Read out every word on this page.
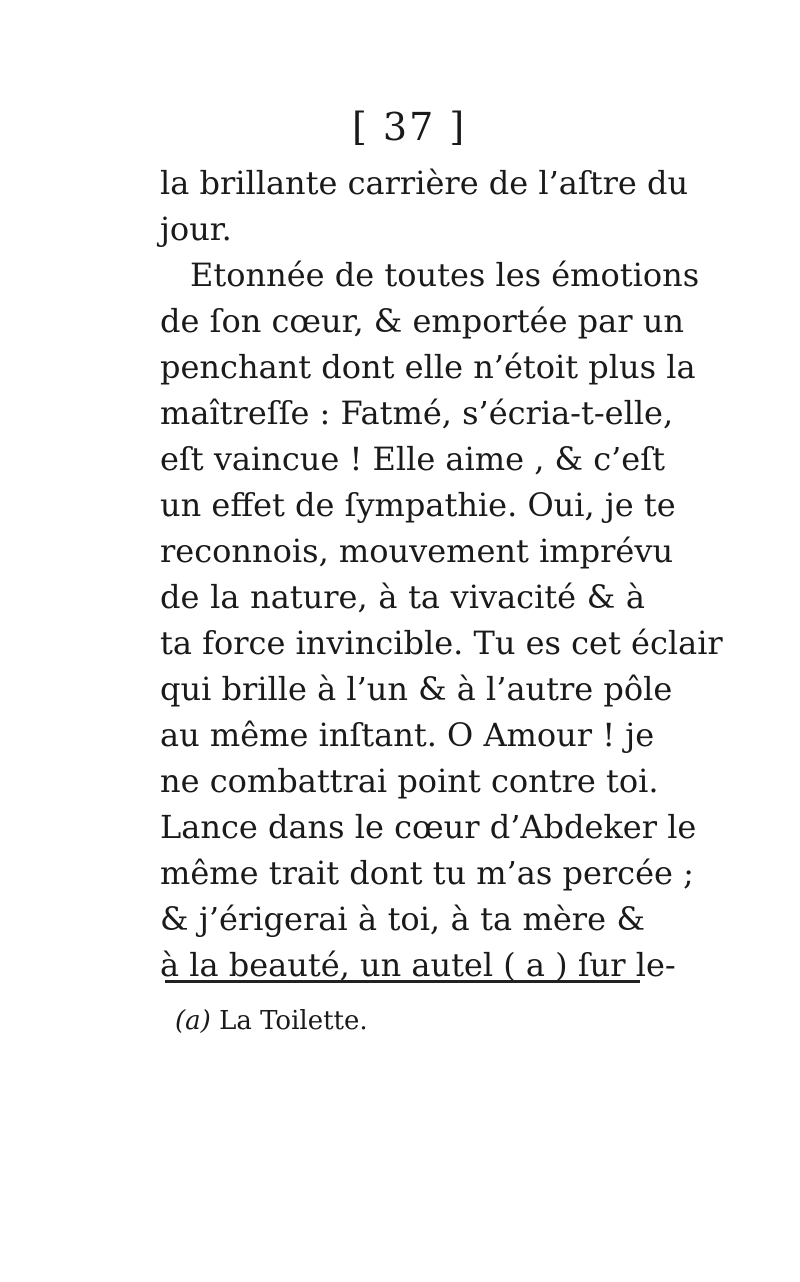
[ 37 ]
la brillante carrière de l’aſtre du
jour.
Etonnée de toutes les émotions
de ſon cœur, & emportée par un
penchant dont elle n’étoit plus la
maîtreſſe : Fatmé, s’écria-t-elle,
eſt vaincue ! Elle aime , & c’eſt
un effet de ſympathie. Oui, je te
reconnois, mouvement imprévu
de la nature, à ta vivacité & à
ta force invincible. Tu es cet éclair
qui brille à l’un & à l’autre pôle
au même inſtant. O Amour ! je
ne combattrai point contre toi.
Lance dans le cœur d’Abdeker le
même trait dont tu m’as percée ;
& j’érigerai à toi, à ta mère &
à la beauté, un autel ( a ) ſur le-
(a) La Toilette.
